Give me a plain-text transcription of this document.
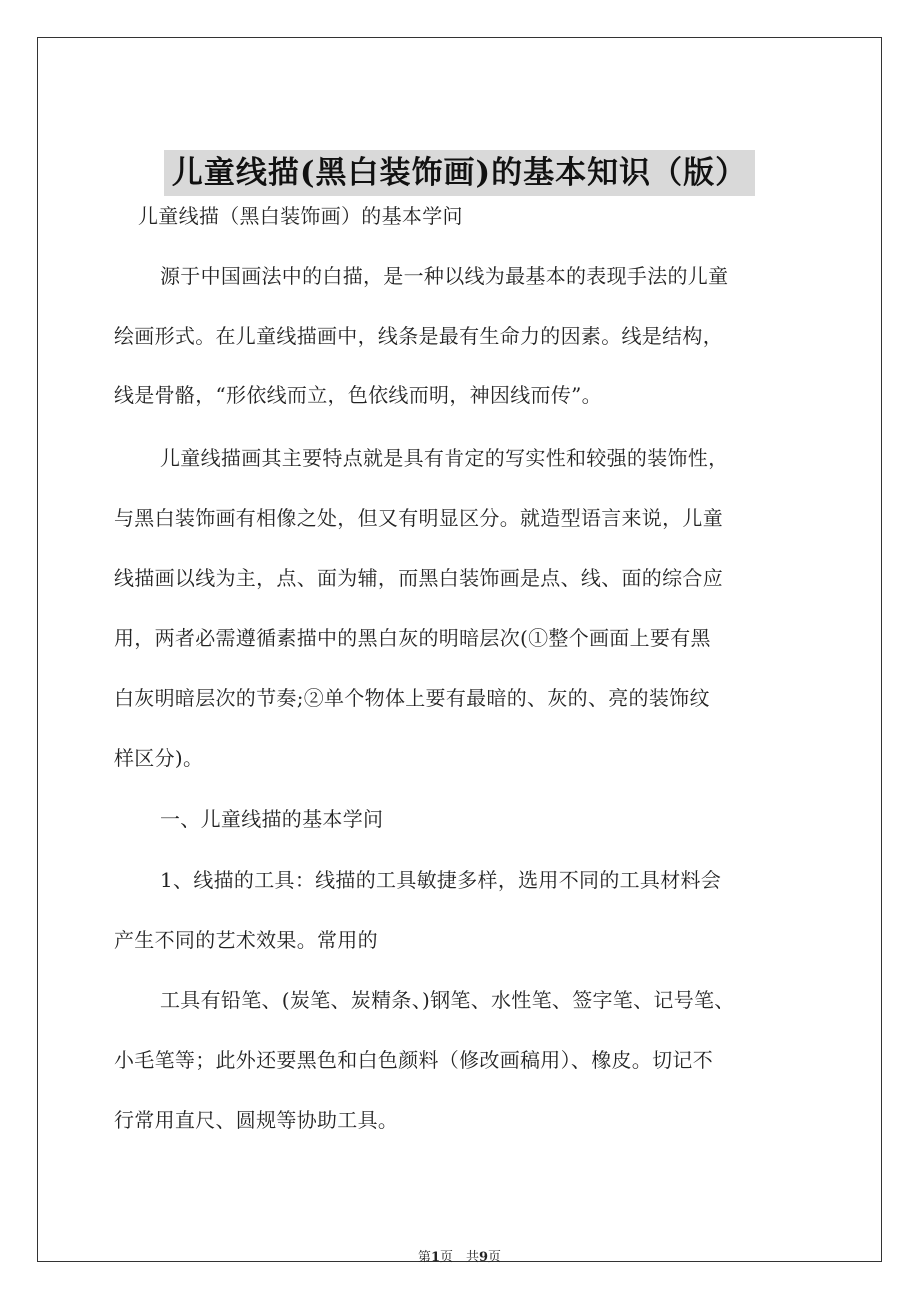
儿童线描(黑白装饰画)的基本知识（版）
儿童线描（黑白装饰画）的基本学问
源于中国画法中的白描，是一种以线为最基本的表现手法的儿童
绘画形式。在儿童线描画中，线条是最有生命力的因素。线是结构，
线是骨骼，“形依线而立，色依线而明，神因线而传”。
儿童线描画其主要特点就是具有肯定的写实性和较强的装饰性，
与黑白装饰画有相像之处，但又有明显区分。就造型语言来说，儿童
线描画以线为主，点、面为辅，而黑白装饰画是点、线、面的综合应
用，两者必需遵循素描中的黑白灰的明暗层次(①整个画面上要有黑
白灰明暗层次的节奏;②单个物体上要有最暗的、灰的、亮的装饰纹
样区分)。
一、儿童线描的基本学问
1、线描的工具：线描的工具敏捷多样，选用不同的工具材料会
产生不同的艺术效果。常用的
工具有铅笔、(炭笔、炭精条、)钢笔、水性笔、签字笔、记号笔、
小毛笔等；此外还要黑色和白色颜料（修改画稿用）、橡皮。切记不
行常用直尺、圆规等协助工具。
第1页　共9页
